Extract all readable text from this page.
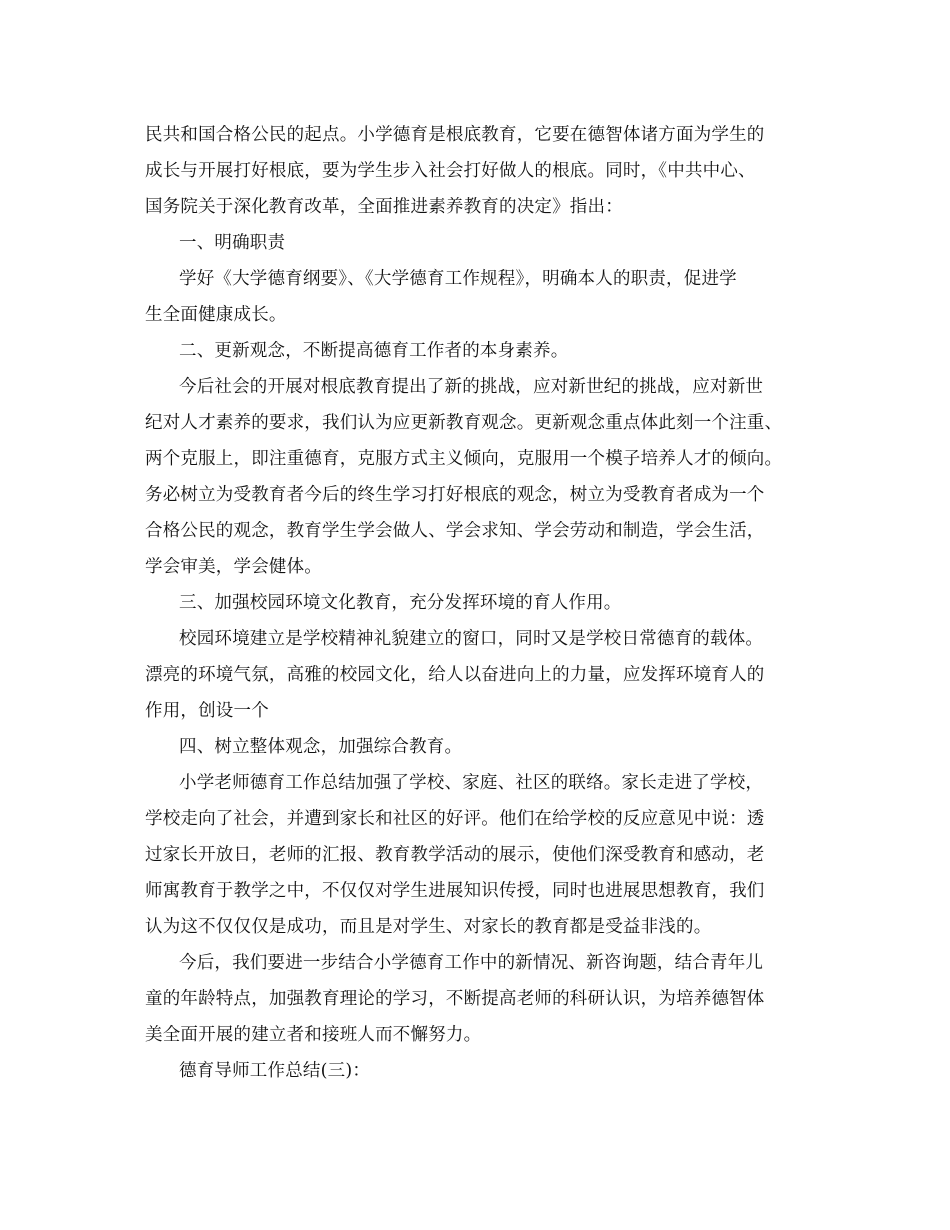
民共和国合格公民的起点。小学德育是根底教育，它要在德智体诸方面为学生的
成长与开展打好根底，要为学生步入社会打好做人的根底。同时，《中共中心、
国务院关于深化教育改革，全面推进素养教育的决定》指出：
一、明确职责
学好《大学德育纲要》、《大学德育工作规程》，明确本人的职责，促进学
生全面健康成长。
二、更新观念，不断提高德育工作者的本身素养。
今后社会的开展对根底教育提出了新的挑战，应对新世纪的挑战，应对新世
纪对人才素养的要求，我们认为应更新教育观念。更新观念重点体此刻一个注重、
两个克服上，即注重德育，克服方式主义倾向，克服用一个模子培养人才的倾向。
务必树立为受教育者今后的终生学习打好根底的观念，树立为受教育者成为一个
合格公民的观念，教育学生学会做人、学会求知、学会劳动和制造，学会生活，
学会审美，学会健体。
三、加强校园环境文化教育，充分发挥环境的育人作用。
校园环境建立是学校精神礼貌建立的窗口，同时又是学校日常德育的载体。
漂亮的环境气氛，高雅的校园文化，给人以奋进向上的力量，应发挥环境育人的
作用，创设一个
四、树立整体观念，加强综合教育。
小学老师德育工作总结加强了学校、家庭、社区的联络。家长走进了学校，
学校走向了社会，并遭到家长和社区的好评。他们在给学校的反应意见中说：透
过家长开放日，老师的汇报、教育教学活动的展示，使他们深受教育和感动，老
师寓教育于教学之中，不仅仅对学生进展知识传授，同时也进展思想教育，我们
认为这不仅仅仅是成功，而且是对学生、对家长的教育都是受益非浅的。
今后，我们要进一步结合小学德育工作中的新情况、新咨询题，结合青年儿
童的年龄特点，加强教育理论的学习，不断提高老师的科研认识，为培养德智体
美全面开展的建立者和接班人而不懈努力。
德育导师工作总结(三)：
